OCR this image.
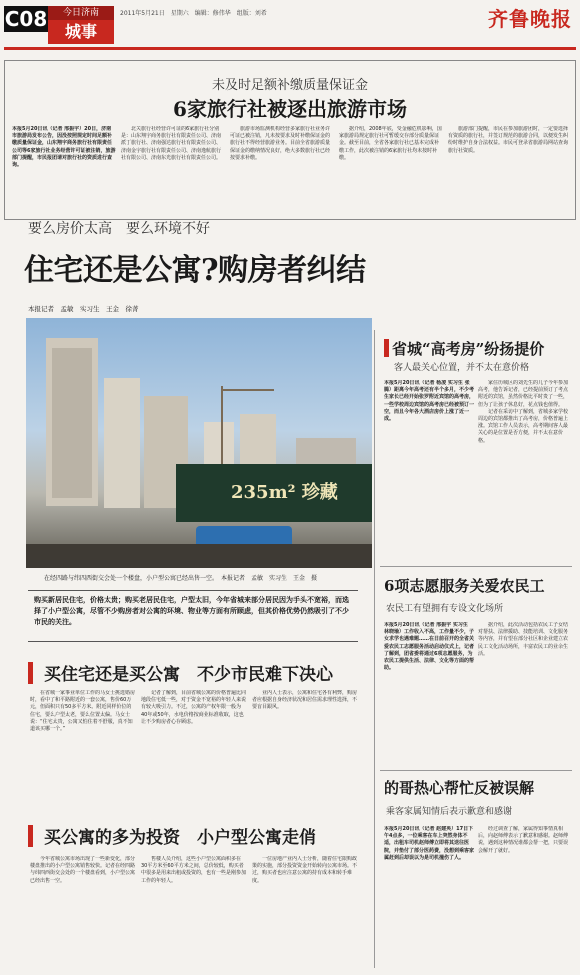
C08	今日济南
城事
2011年5月21日　星期六　编辑：修伟华　组版：刘希	齐鲁晚报
未及时足额补缴质量保证金
6家旅行社被逐出旅游市场

本报5月20日讯（记者 邢振宇）20日，济南市旅游局发布公告，因没按照规定时间足额补缴质量保证金，山东翔宇商务旅行社有限责任公司等6家旅行社业务经营许可证被注销，旅游部门提醒，市民报团请对旅行社的资质进行查询。

北关旅行社经营许可证的6家旅行社分别是：山东翔宇商务旅行社有限责任公司、济南派丁旅行社、济南强达旅行社有限责任公司、济南金宇旅行社有限责任公司、济南逸航旅行社有限公司、济南东光旅行社有限责任公司。

旅游市场监测机构经营多家旅行社业务许可证已被注销，凡未按要求及时补缴保证金的旅行社不得经营旅游业务。目前全省旅游质量保证金的缴纳情况良好，绝大多数旅行社已经按要求补缴。

据介绍，2008年底，受金融危机影响，国家旅游局规定旅行社可暂缓交存部分质量保证金。截至目前，全省各家旅行社已基本完成补缴工作，此次被注销的6家旅行社均未按时补缴。

旅游部门提醒，市民在参加旅游团时，一定要选择有资质的旅行社，并签订规范的旅游合同，以便发生纠纷时维护自身合法权益。市民可登录省旅游局网站查询旅行社资质。

要么房价太高　要么环境不好
住宅还是公寓?购房者纠结
本报记者　孟敏　实习生　王金　徐菁
235m² 珍藏
在经四路与纬四西街交会处一个楼盘，小户型公寓已经出售一空。　本报记者　孟敏　实习生　王金　摄
购买新居民住宅，价格太贵；购买老居民住宅，户型太旧，今年省城来部分居民因为手头不宽裕，而选择了小户型公寓，尽管不少购房者对公寓的环境、物业等方面有所顾虑，但其价格优势仍然吸引了不少市民的关注。
买住宅还是买公寓　不少市民难下决心

在省城一家事业单位工作的马女士挑选婚房时，看中了和平路附近的一套公寓，售价60万元，但面积只有50多平方米。附近同样价位的住宅，要么户型太老，要么位置太偏。马女士说：“住宅太贵，公寓又怕住着不舒服，真不知道该买哪一个。”

记者了解到，目前省城公寓的价格普遍比同地段住宅低一些，对于资金不宽裕的年轻人来说有较大吸引力。不过，公寓的产权年限一般为40年或50年，水电价格按商业标准收取，这也让不少购房者心存顾虑。

业内人士表示，公寓和住宅各有利弊，购房者应根据自身经济状况和居住需求理性选择，不要盲目跟风。

买公寓的多为投资　小户型公寓走俏

今年省城公寓市场出现了一些新变化，部分楼盘推出的小户型公寓销售较快。记者在经四路与纬四西街交会处的一个楼盘看到，小户型公寓已经出售一空。

售楼人员介绍，这些小户型公寓面积多在30平方米至60平方米之间，总价较低，购买者中很多是用来出租或投资的，也有一些是刚参加工作的年轻人。

一位房地产业内人士分析，随着住宅限购政策的实施，部分投资资金开始转向公寓市场。不过，购买者也应注意公寓的持有成本和转手难度。

省城“高考房”纷扬提价
客人最关心位置，并不太在意价格

本报5月20日讯（记者 杨凌 实习生 张腾）距离今年高考还有半个多月，不少考生家长已经开始张罗附近宾馆的高考房，一些学校周边宾馆的高考房已经被预订一空，而且今年各大酒店房价上涨了近一成。

家住历城区的刘先生的儿子今年参加高考，他告诉记者，已经提前预订了考点附近的宾馆，虽然价格比平时贵了一些，但为了让孩子休息好，花点钱也值得。

记者在采访中了解到，省城多家学校周边的宾馆都推出了高考房，价格普遍上涨。宾馆工作人员表示，高考期间客人最关心的是位置是否方便，并不太在意价格。

6项志愿服务关爱农民工
农民工有望拥有专设文化场所

本报5月20日讯（记者 邢振宇 实习生 林晓瑜）工作收入不高，工作量不少，子女求学也遇难题……在日前召开的全省关爱农民工志愿服务活动启动仪式上，记者了解到，团省委将通过6项志愿服务，为农民工提供生活、法律、文化等方面的帮助。

据介绍，此次活动包括农民工子女结对帮扶、法律援助、技能培训、文化服务等内容，并有望在部分社区和企业建立农民工文化活动场所，丰富农民工的业余生活。

的哥热心帮忙反被误解
乘客家属知情后表示歉意和感谢

本报5月20日讯（记者 赵建英）17日下午4点多，一位乘客在车上突然身体不适，出租车司机赵师傅立即将其送往医院，并垫付了部分医药费，没想到乘客家属赶到后却误以为是司机撞伤了人。

经过调查了解，家属得知事情真相后，向赵师傅表示了歉意和感谢。赵师傅说，遇到这种情况谁都会帮一把，只要误会解开了就好。
